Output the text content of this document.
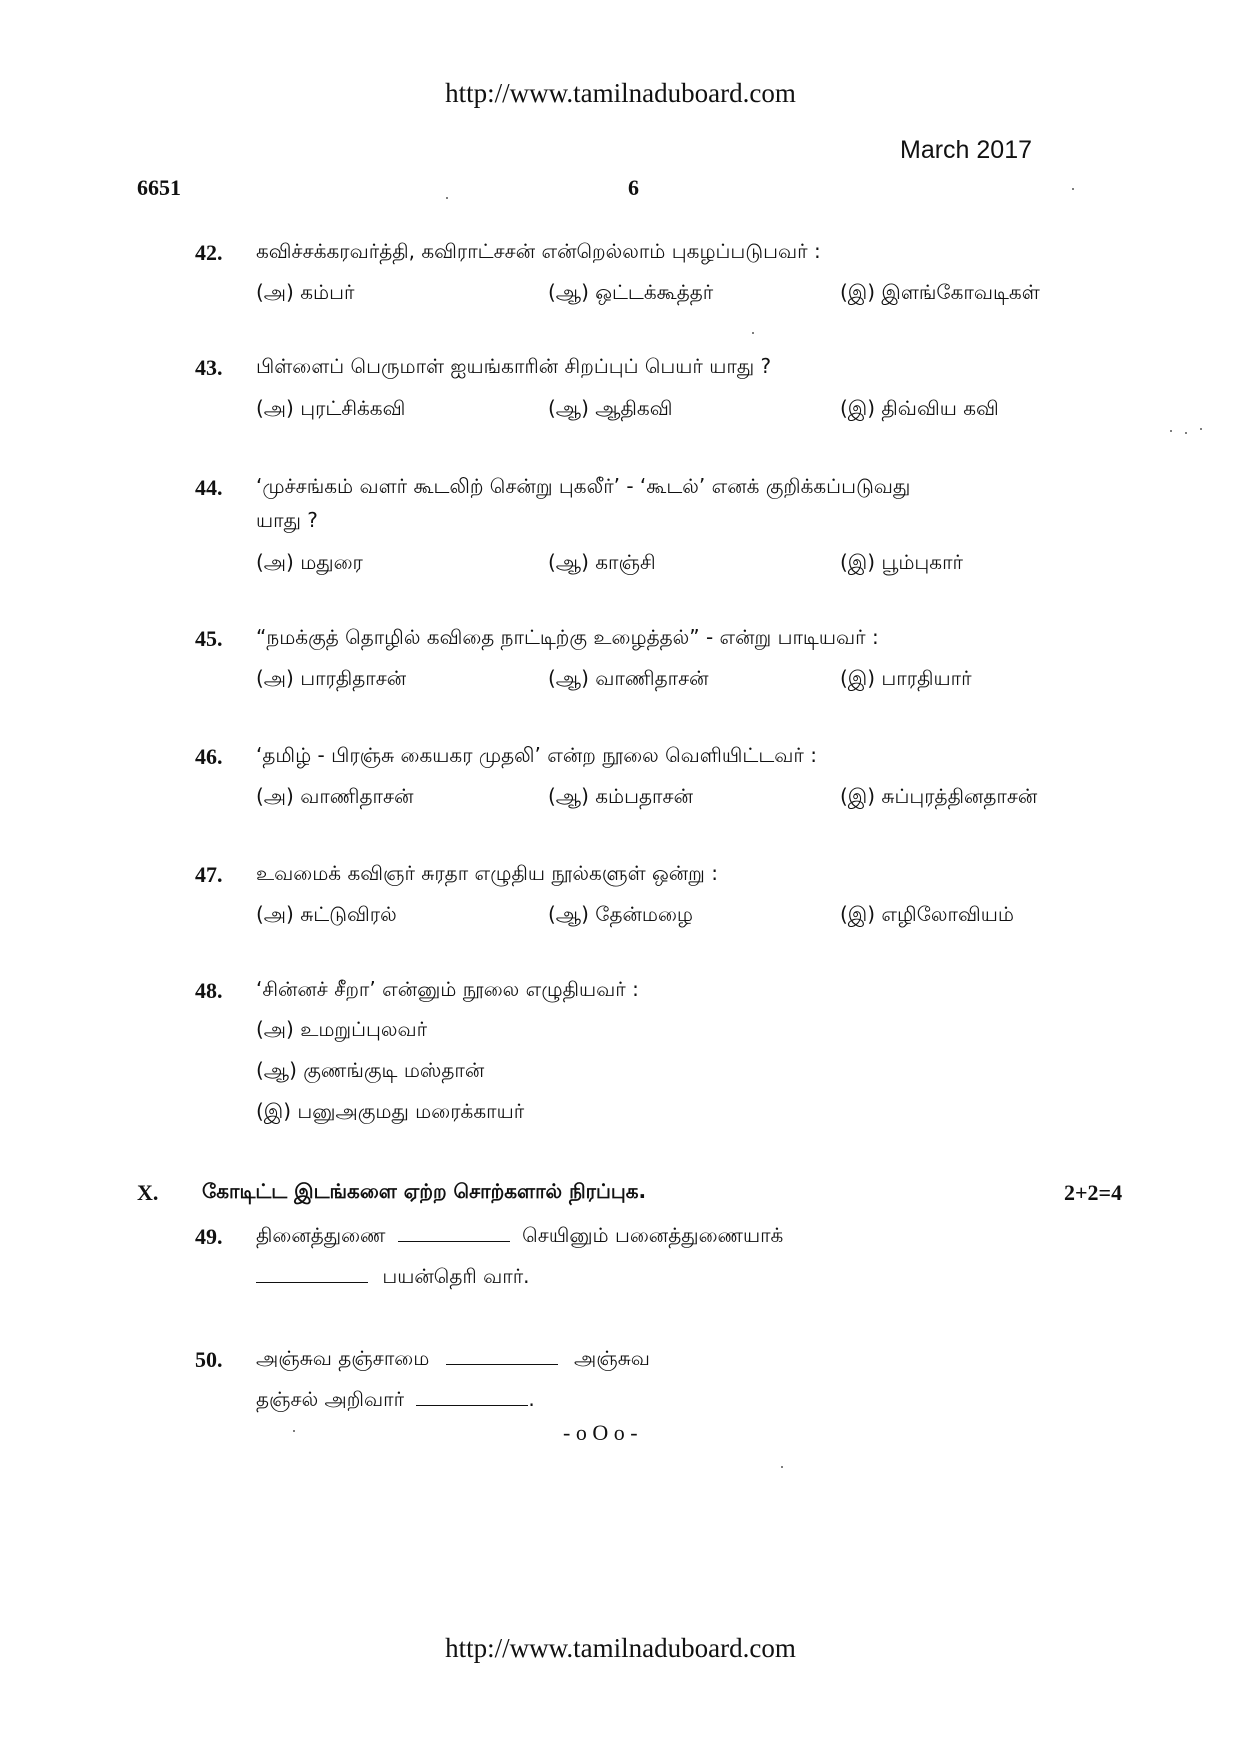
http://www.tamilnaduboard.com
March 2017
6651	6
42. கவிச்சக்கரவர்த்தி, கவிராட்சசன் என்றெல்லாம் புகழப்படுபவர் :
(அ) கம்பர்	(ஆ) ஒட்டக்கூத்தர்	(இ) இளங்கோவடிகள்
43. பிள்ளைப் பெருமாள் ஐயங்காரின் சிறப்புப் பெயர் யாது ?
(அ) புரட்சிக்கவி	(ஆ) ஆதிகவி	(இ) திவ்விய கவி
44. ‘முச்சங்கம் வளர் கூடலிற் சென்று புகலீர்’ - ‘கூடல்’ எனக் குறிக்கப்படுவது
யாது ?
(அ) மதுரை	(ஆ) காஞ்சி	(இ) பூம்புகார்
45. “நமக்குத் தொழில் கவிதை நாட்டிற்கு உழைத்தல்” - என்று பாடியவர் :
(அ) பாரதிதாசன்	(ஆ) வாணிதாசன்	(இ) பாரதியார்
46. ‘தமிழ் - பிரஞ்சு கையகர முதலி’ என்ற நூலை வெளியிட்டவர் :
(அ) வாணிதாசன்	(ஆ) கம்பதாசன்	(இ) சுப்புரத்தினதாசன்
47. உவமைக் கவிஞர் சுரதா எழுதிய நூல்களுள் ஒன்று :
(அ) சுட்டுவிரல்	(ஆ) தேன்மழை	(இ) எழிலோவியம்
48. ‘சின்னச் சீறா’ என்னும் நூலை எழுதியவர் :
(அ) உமறுப்புலவர்
(ஆ) குணங்குடி மஸ்தான்
(இ) பனுஅகுமது மரைக்காயர்
X. கோடிட்ட இடங்களை ஏற்ற சொற்களால் நிரப்புக.	2+2=4
49. தினைத்துணை	செயினும் பனைத்துணையாக்
பயன்தெரி வார்.
50. அஞ்சுவ தஞ்சாமை	அஞ்சுவ
தஞ்சல் அறிவார்	.
- o O o -
http://www.tamilnaduboard.com
